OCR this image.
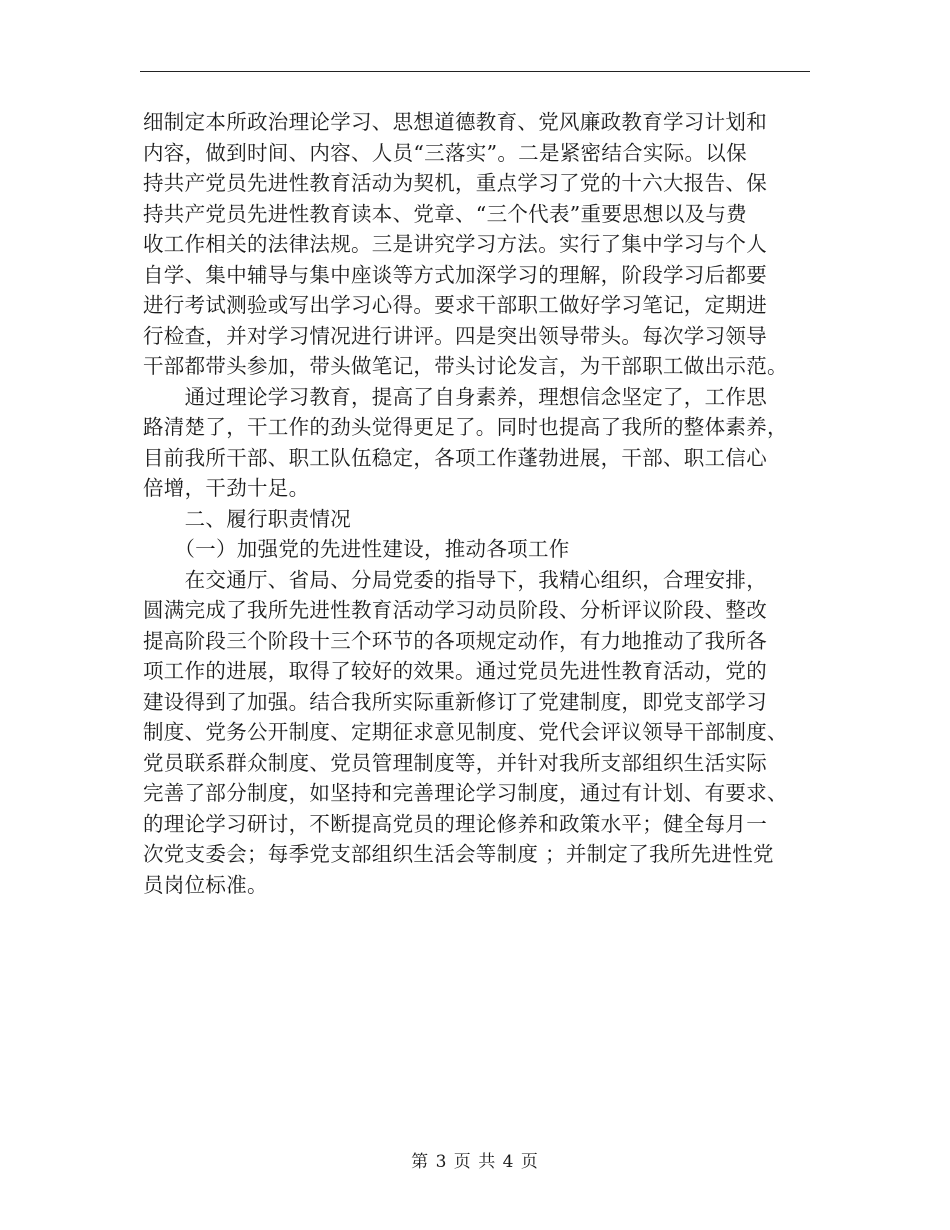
细制定本所政治理论学习、思想道德教育、党风廉政教育学习计划和
内容，做到时间、内容、人员“三落实”。二是紧密结合实际。以保
持共产党员先进性教育活动为契机，重点学习了党的十六大报告、保
持共产党员先进性教育读本、党章、“三个代表”重要思想以及与费
收工作相关的法律法规。三是讲究学习方法。实行了集中学习与个人
自学、集中辅导与集中座谈等方式加深学习的理解，阶段学习后都要
进行考试测验或写出学习心得。要求干部职工做好学习笔记，定期进
行检查，并对学习情况进行讲评。四是突出领导带头。每次学习领导
干部都带头参加，带头做笔记，带头讨论发言，为干部职工做出示范。
　　通过理论学习教育，提高了自身素养，理想信念坚定了，工作思
路清楚了，干工作的劲头觉得更足了。同时也提高了我所的整体素养，
目前我所干部、职工队伍稳定，各项工作蓬勃进展，干部、职工信心
倍增，干劲十足。
　　二、履行职责情况
　　（一）加强党的先进性建设，推动各项工作
　　在交通厅、省局、分局党委的指导下，我精心组织，合理安排，
圆满完成了我所先进性教育活动学习动员阶段、分析评议阶段、整改
提高阶段三个阶段十三个环节的各项规定动作，有力地推动了我所各
项工作的进展，取得了较好的效果。通过党员先进性教育活动，党的
建设得到了加强。结合我所实际重新修订了党建制度，即党支部学习
制度、党务公开制度、定期征求意见制度、党代会评议领导干部制度、
党员联系群众制度、党员管理制度等，并针对我所支部组织生活实际
完善了部分制度，如坚持和完善理论学习制度，通过有计划、有要求、
的理论学习研讨，不断提高党员的理论修养和政策水平；健全每月一
次党支委会；每季党支部组织生活会等制度 ；并制定了我所先进性党
员岗位标准。
第 3 页 共 4 页
